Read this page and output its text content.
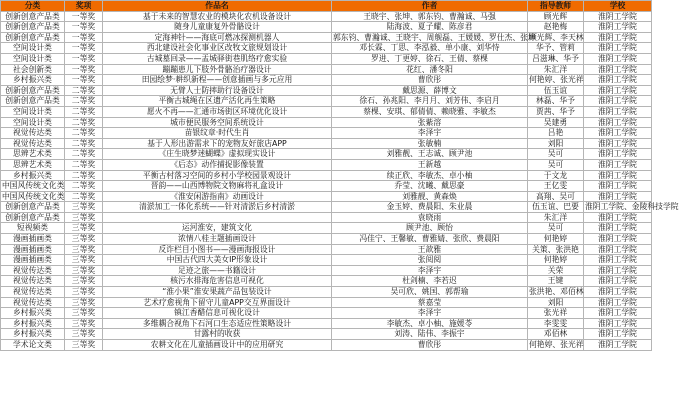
分类	奖项	作品名	作者	指导教师	学校
创新创意产品类	一等奖	基于未来的智慧农业的模块化农机设备设计	王晓宇、张坤、郭东钧、曹瀚诚、马强	顾光辉	淮阴工学院
创新创意产品类	一等奖	随身儿童康复外骨骼设计	陆海波、夏子耀、陈彦君	赵艳梅	淮阴工学院
创新创意产品类	一等奖	定海神针——海底可燃冰探测机器人	郭东钧、曹瀚诚、王晓宇、周舰磊、王媛媛、罗仕杰、张坤	顾光辉、李天林	淮阴工学院
空间设计类	一等奖	西北建设社会化事业区改牧文旅规划设计	邓长霖、丁思、李泓毅、单小康、刘华恃	华予、管莉	淮阴工学院
空间设计类	一等奖	古城墓回录——盂城驿街巷肌络疗愈实验	罗进、丁更婷、徐石、王倩、蔡棵	吕滋琳、华予	淮阴工学院
社会创新类	一等奖	蹦蹦患儿下肢外骨骼治疗器设计	花红、潘冬阳	朱汇洋	淮阴工学院
乡村振兴类	一等奖	田园绘梦·耕织新程——创意插画与多元应用	曹欣彤	何艳婷、张光祥	淮阴工学院
创新创意产品类	二等奖	无臂人士防摔助行设备设计	戴思源、薛博文	伍玉谊	淮阴工学院
创新创意产品类	二等奖	平衡古城绳在区遗产活化再生策略	徐石、孙兆阳、李月月、刘芳伟、李启月	林磊、华予	淮阴工学院
空间设计类	二等奖	愿火不再——汇通市场街区环境优化设计	蔡棵、安琪、郁倩倩、赖晓雅、李敏杰	贾茜、华予	淮阴工学院
空间设计类	二等奖	城市便民服务空间系统设计	张紫溶	吴建勇	淮阴工学院
视觉传达类	二等奖	苗银纹章·时代生肖	李泽宇	吕艳	淮阴工学院
视觉传达类	二等奖	基于人形出游需求下的宠物友好旅店APP	张敏楠	刘阳	淮阴工学院
思辨艺术类	二等奖	《庄生晓梦迷蝴蝶》虚拟现实设计	刘雅靓、王志诚、顾尹池	吴可	淮阴工学院
思辨艺术类	二等奖	《后态》动作捕捉影像装置	王新越	吴可	淮阴工学院
乡村振兴类	二等奖	平衡古村落习空间的乡村小学校园景观设计	续正欣、李敏杰、卓小柚	于文龙	淮阴工学院
中国风传统文化类	二等奖	晋韵——山西博物院文物麻将礼盒设计	乔莹、沈曦、戴思豪	王亿雯	淮阴工学院
中国风传统文化类	二等奖	《淮安闲游指南》动画设计	刘雅靓、黄森焕	高翔、吴可	淮阴工学院
创新创意产品类	三等奖	清淤加工一体化系统——针对清淤后乡村清淤	金玉婷、费晨阳、朱业晨	伍玉谊、巴要	淮阴工学院、金陵科技学院
创新创意产品类	三等奖		袁晓雨	朱汇洋	淮阴工学院
短视频类	三等奖	运河淮安，建筑文化	顾尹池、顾怡	吴可	淮阴工学院
漫画插画类	三等奖	浓情八桂主题插画设计	冯佳宁、王馨敏、曹雅婧、张欣、费晨阳	何艳婷	淮阴工学院
漫画插画类	三等奖	反诈栏目小图书——漫画海报设计	王歆雅	关策、张洪艳	淮阴工学院
漫画插画类	三等奖	中国古代四大美女IP形象设计	张阅阅	何艳婷	淮阴工学院
视觉传达类	三等奖	足迹之旅——书籍设计	李泽宇	关荣	淮阴工学院
视觉传达类	三等奖	核污水排海危害信息可视化	杜剑楠、李若迟	王键	淮阴工学院
视觉传达类	三等奖	“淮小果”淮安果蔬产品包装设计	吴可欣、姚国、郭帮瑜	张洪艳、邓佰林	淮阴工学院
视觉传达类	三等奖	艺术疗愈视角下留守儿童APP交互界面设计	蔡嘉莹	刘阳	淮阴工学院
乡村振兴类	三等奖	镇江香醋信息可视化设计	李泽宇	张光祥	淮阴工学院
乡村振兴类	三等奖	多维耦合视角下石河口生态适应性策略设计	李敏杰、卓小柚、施媛苓	李雯雯	淮阴工学院
乡村振兴类	三等奖	甘露村的收获	刘涛、陆伟、李振宇	邓佰林	淮阴工学院
学术论文类	三等奖	农耕文化在儿童插画设计中的应用研究	曹欣彤	何艳婷、张光祥	淮阴工学院
